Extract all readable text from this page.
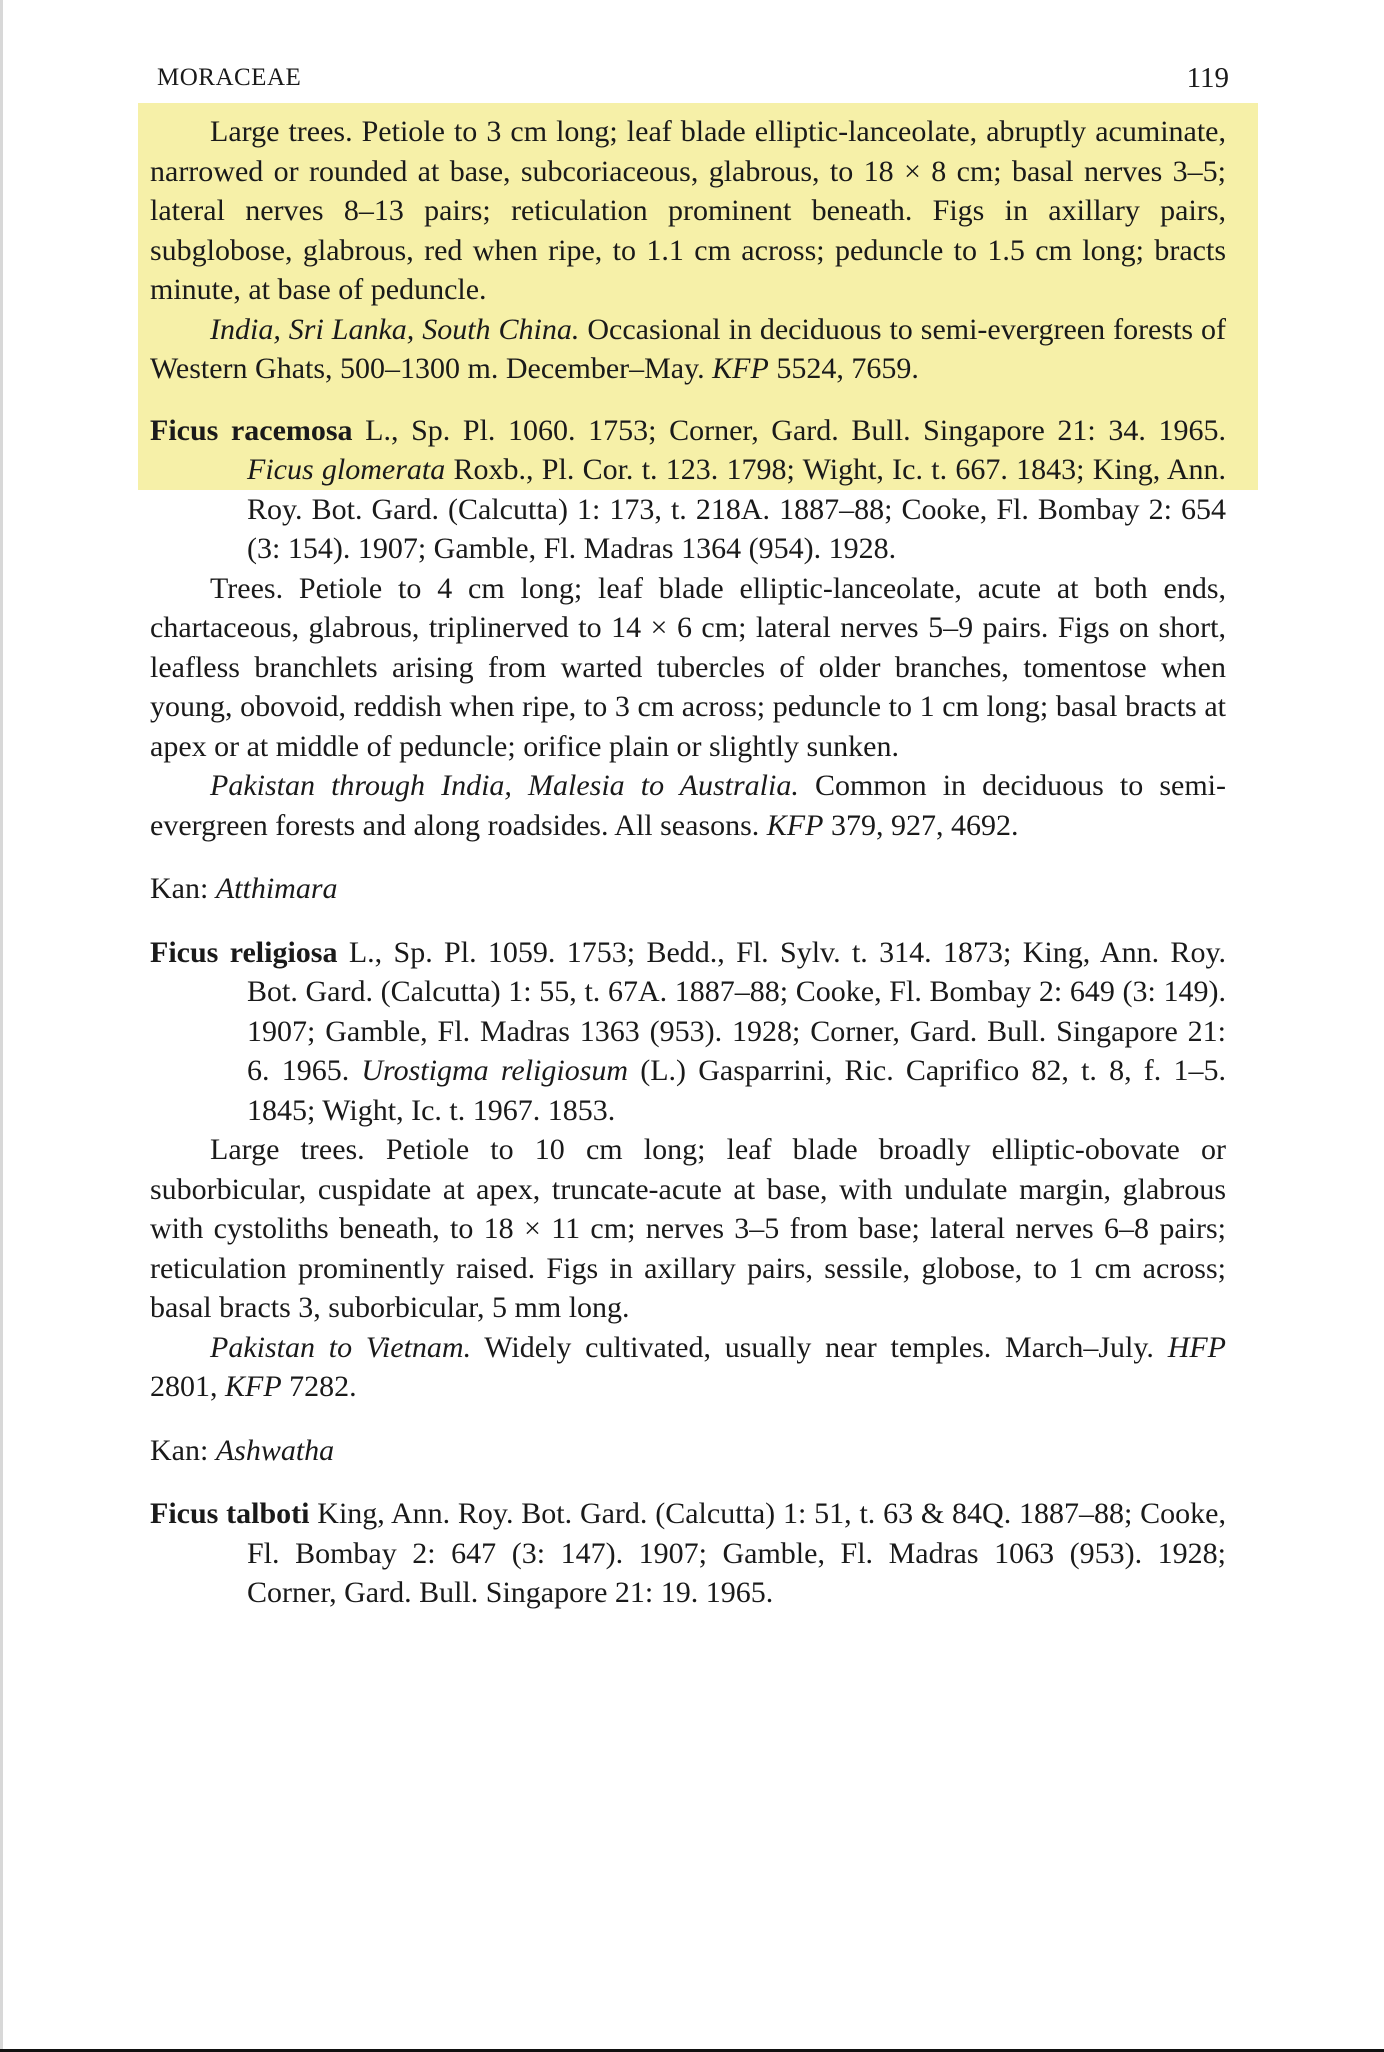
MORACEAE	119

Large trees. Petiole to 3 cm long; leaf blade elliptic-lanceolate, abruptly acuminate, narrowed or rounded at base, subcoriaceous, glabrous, to 18 × 8 cm; basal nerves 3–5; lateral nerves 8–13 pairs; reticulation prominent beneath. Figs in axillary pairs, subglobose, glabrous, red when ripe, to 1.1 cm across; peduncle to 1.5 cm long; bracts minute, at base of peduncle.

India, Sri Lanka, South China. Occasional in deciduous to semi-evergreen forests of Western Ghats, 500–1300 m. December–May. KFP 5524, 7659.

Ficus racemosa L., Sp. Pl. 1060. 1753; Corner, Gard. Bull. Singapore 21: 34. 1965. Ficus glomerata Roxb., Pl. Cor. t. 123. 1798; Wight, Ic. t. 667. 1843; King, Ann. Roy. Bot. Gard. (Calcutta) 1: 173, t. 218A. 1887–88; Cooke, Fl. Bombay 2: 654 (3: 154). 1907; Gamble, Fl. Madras 1364 (954). 1928.

Trees. Petiole to 4 cm long; leaf blade elliptic-lanceolate, acute at both ends, chartaceous, glabrous, triplinerved to 14 × 6 cm; lateral nerves 5–9 pairs. Figs on short, leafless branchlets arising from warted tubercles of older branches, tomentose when young, obovoid, reddish when ripe, to 3 cm across; peduncle to 1 cm long; basal bracts at apex or at middle of peduncle; orifice plain or slightly sunken.

Pakistan through India, Malesia to Australia. Common in deciduous to semi-evergreen forests and along roadsides. All seasons. KFP 379, 927, 4692.

Kan: Atthimara

Ficus religiosa L., Sp. Pl. 1059. 1753; Bedd., Fl. Sylv. t. 314. 1873; King, Ann. Roy. Bot. Gard. (Calcutta) 1: 55, t. 67A. 1887–88; Cooke, Fl. Bombay 2: 649 (3: 149). 1907; Gamble, Fl. Madras 1363 (953). 1928; Corner, Gard. Bull. Singapore 21: 6. 1965. Urostigma religiosum (L.) Gasparrini, Ric. Caprifico 82, t. 8, f. 1–5. 1845; Wight, Ic. t. 1967. 1853.

Large trees. Petiole to 10 cm long; leaf blade broadly elliptic-obovate or suborbicular, cuspidate at apex, truncate-acute at base, with undulate margin, glabrous with cystoliths beneath, to 18 × 11 cm; nerves 3–5 from base; lateral nerves 6–8 pairs; reticulation prominently raised. Figs in axillary pairs, sessile, globose, to 1 cm across; basal bracts 3, suborbicular, 5 mm long.

Pakistan to Vietnam. Widely cultivated, usually near temples. March–July. HFP 2801, KFP 7282.

Kan: Ashwatha

Ficus talboti King, Ann. Roy. Bot. Gard. (Calcutta) 1: 51, t. 63 & 84Q. 1887–88; Cooke, Fl. Bombay 2: 647 (3: 147). 1907; Gamble, Fl. Madras 1063 (953). 1928; Corner, Gard. Bull. Singapore 21: 19. 1965.
